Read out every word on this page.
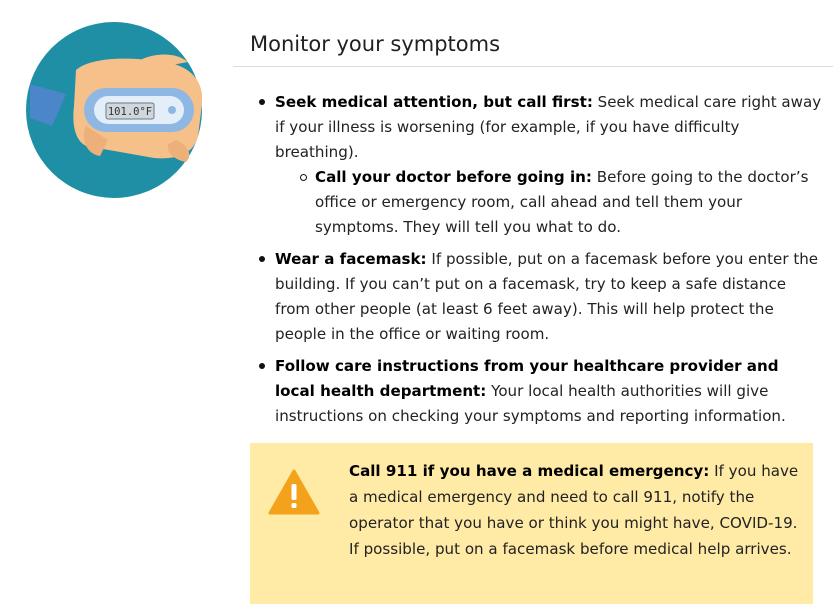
101.0°F
Monitor your symptoms
Seek medical attention, but call first: Seek medical care right away if your illness is worsening (for example, if you have difficulty breathing).
Call your doctor before going in: Before going to the doctor’s office or emergency room, call ahead and tell them your symptoms. They will tell you what to do.
Wear a facemask: If possible, put on a facemask before you enter the building. If you can’t put on a facemask, try to keep a safe distance from other people (at least 6 feet away). This will help protect the people in the office or waiting room.
Follow care instructions from your healthcare provider and local health department: Your local health authorities will give instructions on checking your symptoms and reporting information.
Call 911 if you have a medical emergency: If you have a medical emergency and need to call 911, notify the operator that you have or think you might have, COVID-19. If possible, put on a facemask before medical help arrives.
